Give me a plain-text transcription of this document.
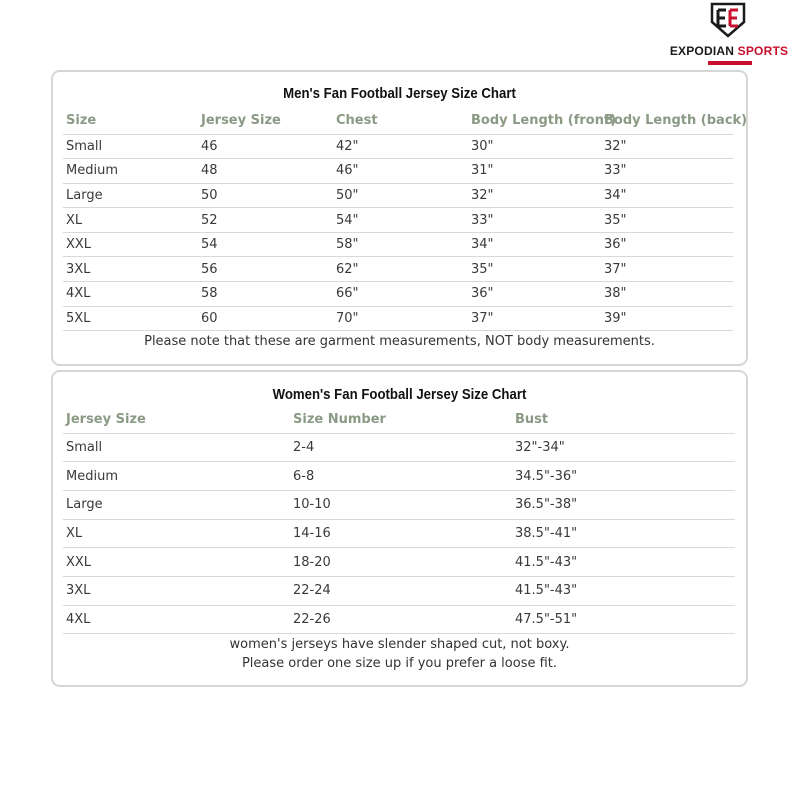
EXPODIAN SPORTS
Men's Fan Football Jersey Size Chart
Size	Jersey Size	Chest	Body Length (front)	Body Length (back)
Small	46	42"	30"	32"
Medium	48	46"	31"	33"
Large	50	50"	32"	34"
XL	52	54"	33"	35"
XXL	54	58"	34"	36"
3XL	56	62"	35"	37"
4XL	58	66"	36"	38"
5XL	60	70"	37"	39"
Please note that these are garment measurements, NOT body measurements.
Women's Fan Football Jersey Size Chart
Jersey Size	Size Number	Bust
Small	2-4	32"-34"
Medium	6-8	34.5"-36"
Large	10-10	36.5"-38"
XL	14-16	38.5"-41"
XXL	18-20	41.5"-43"
3XL	22-24	41.5"-43"
4XL	22-26	47.5"-51"
women's jerseys have slender shaped cut, not boxy.
Please order one size up if you prefer a loose fit.
